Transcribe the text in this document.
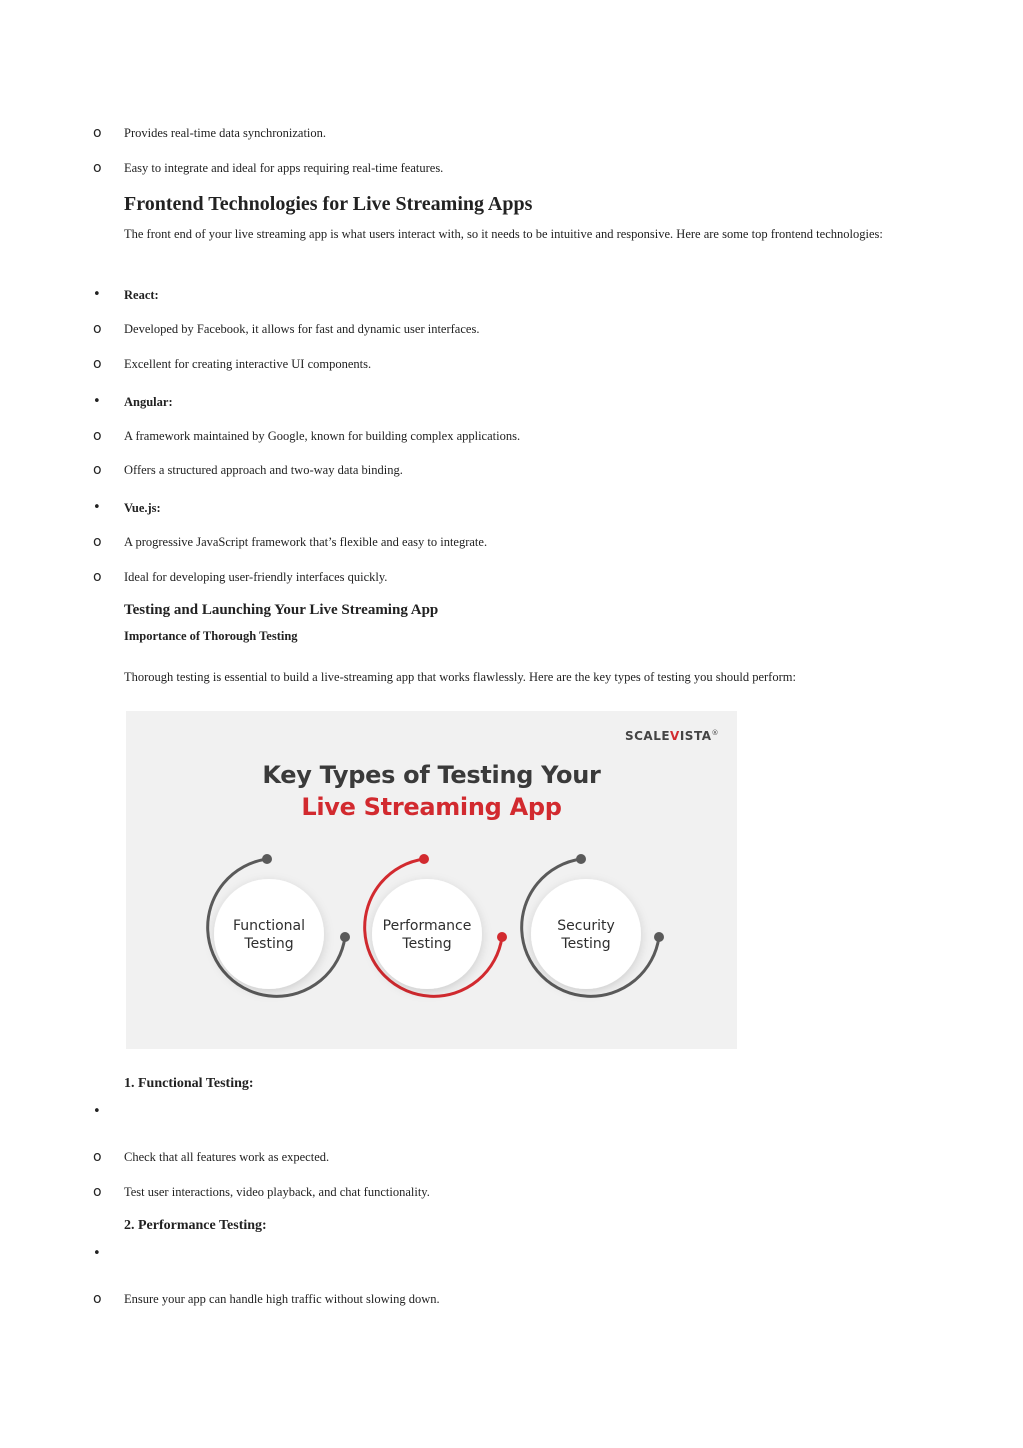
o Provides real-time data synchronization.
o Easy to integrate and ideal for apps requiring real-time features.
Frontend Technologies for Live Streaming Apps
The front end of your live streaming app is what users interact with, so it needs to be intuitive and responsive. Here are some top frontend technologies:
• React:
o Developed by Facebook, it allows for fast and dynamic user interfaces.
o Excellent for creating interactive UI components.
• Angular:
o A framework maintained by Google, known for building complex applications.
o Offers a structured approach and two-way data binding.
• Vue.js:
o A progressive JavaScript framework that’s flexible and easy to integrate.
o Ideal for developing user-friendly interfaces quickly.
Testing and Launching Your Live Streaming App
Importance of Thorough Testing
Thorough testing is essential to build a live-streaming app that works flawlessly. Here are the key types of testing you should perform:
SCALEVISTA®
Key Types of Testing Your
Live Streaming App
Functional
Testing
Performance
Testing
Security
Testing
1. Functional Testing:
•
o Check that all features work as expected.
o Test user interactions, video playback, and chat functionality.
2. Performance Testing:
•
o Ensure your app can handle high traffic without slowing down.
